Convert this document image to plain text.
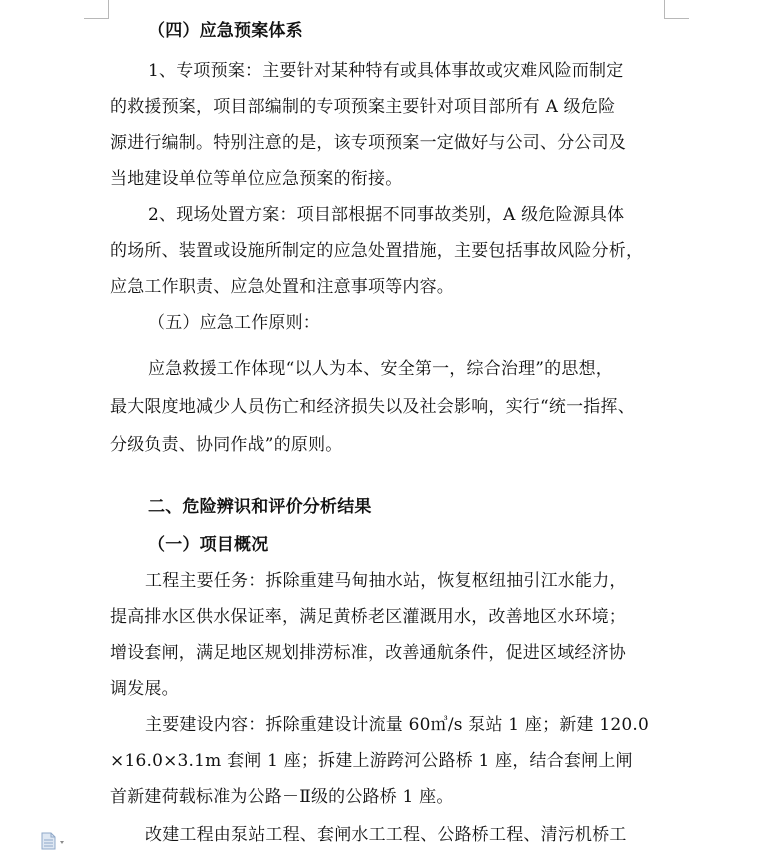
（四）应急预案体系
1、专项预案：主要针对某种特有或具体事故或灾难风险而制定
的救援预案，项目部编制的专项预案主要针对项目部所有 A 级危险
源进行编制。特别注意的是，该专项预案一定做好与公司、分公司及
当地建设单位等单位应急预案的衔接。
2、现场处置方案：项目部根据不同事故类别，A 级危险源具体
的场所、装置或设施所制定的应急处置措施，主要包括事故风险分析，
应急工作职责、应急处置和注意事项等内容。
（五）应急工作原则：
应急救援工作体现“以人为本、安全第一，综合治理”的思想，
最大限度地减少人员伤亡和经济损失以及社会影响，实行“统一指挥、
分级负责、协同作战”的原则。
二、危险辨识和评价分析结果
（一）项目概况
工程主要任务：拆除重建马甸抽水站，恢复枢纽抽引江水能力，
提高排水区供水保证率，满足黄桥老区灌溉用水，改善地区水环境；
增设套闸，满足地区规划排涝标准，改善通航条件，促进区域经济协
调发展。
主要建设内容：拆除重建设计流量 60㎥/s 泵站 1 座；新建 120.0
×16.0×3.1m 套闸 1 座；拆建上游跨河公路桥 1 座，结合套闸上闸
首新建荷载标准为公路－Ⅱ级的公路桥 1 座。
改建工程由泵站工程、套闸水工工程、公路桥工程、清污机桥工
